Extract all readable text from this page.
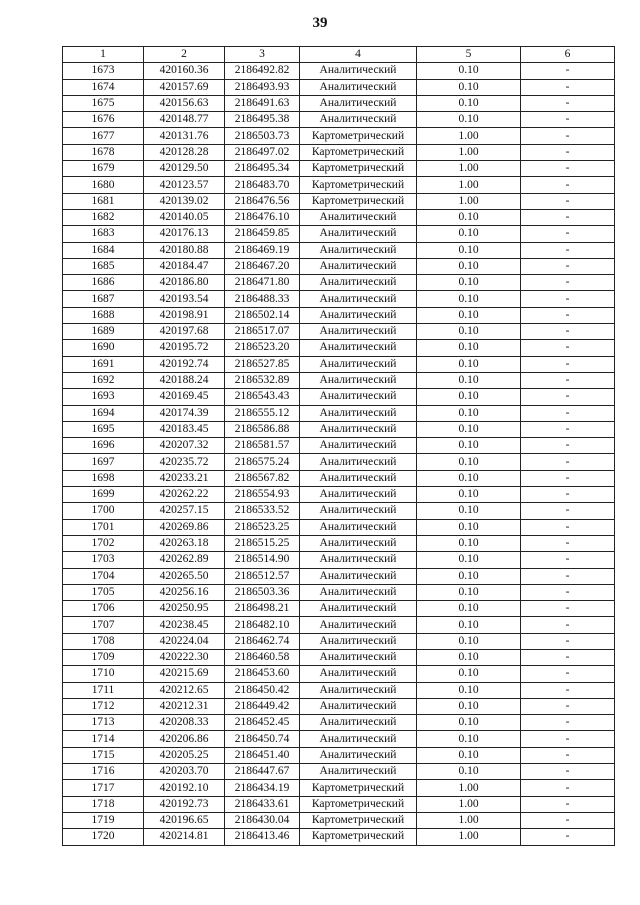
39
1	2	3	4	5	6
1673	420160.36	2186492.82	Аналитический	0.10	-
1674	420157.69	2186493.93	Аналитический	0.10	-
1675	420156.63	2186491.63	Аналитический	0.10	-
1676	420148.77	2186495.38	Аналитический	0.10	-
1677	420131.76	2186503.73	Картометрический	1.00	-
1678	420128.28	2186497.02	Картометрический	1.00	-
1679	420129.50	2186495.34	Картометрический	1.00	-
1680	420123.57	2186483.70	Картометрический	1.00	-
1681	420139.02	2186476.56	Картометрический	1.00	-
1682	420140.05	2186476.10	Аналитический	0.10	-
1683	420176.13	2186459.85	Аналитический	0.10	-
1684	420180.88	2186469.19	Аналитический	0.10	-
1685	420184.47	2186467.20	Аналитический	0.10	-
1686	420186.80	2186471.80	Аналитический	0.10	-
1687	420193.54	2186488.33	Аналитический	0.10	-
1688	420198.91	2186502.14	Аналитический	0.10	-
1689	420197.68	2186517.07	Аналитический	0.10	-
1690	420195.72	2186523.20	Аналитический	0.10	-
1691	420192.74	2186527.85	Аналитический	0.10	-
1692	420188.24	2186532.89	Аналитический	0.10	-
1693	420169.45	2186543.43	Аналитический	0.10	-
1694	420174.39	2186555.12	Аналитический	0.10	-
1695	420183.45	2186586.88	Аналитический	0.10	-
1696	420207.32	2186581.57	Аналитический	0.10	-
1697	420235.72	2186575.24	Аналитический	0.10	-
1698	420233.21	2186567.82	Аналитический	0.10	-
1699	420262.22	2186554.93	Аналитический	0.10	-
1700	420257.15	2186533.52	Аналитический	0.10	-
1701	420269.86	2186523.25	Аналитический	0.10	-
1702	420263.18	2186515.25	Аналитический	0.10	-
1703	420262.89	2186514.90	Аналитический	0.10	-
1704	420265.50	2186512.57	Аналитический	0.10	-
1705	420256.16	2186503.36	Аналитический	0.10	-
1706	420250.95	2186498.21	Аналитический	0.10	-
1707	420238.45	2186482.10	Аналитический	0.10	-
1708	420224.04	2186462.74	Аналитический	0.10	-
1709	420222.30	2186460.58	Аналитический	0.10	-
1710	420215.69	2186453.60	Аналитический	0.10	-
1711	420212.65	2186450.42	Аналитический	0.10	-
1712	420212.31	2186449.42	Аналитический	0.10	-
1713	420208.33	2186452.45	Аналитический	0.10	-
1714	420206.86	2186450.74	Аналитический	0.10	-
1715	420205.25	2186451.40	Аналитический	0.10	-
1716	420203.70	2186447.67	Аналитический	0.10	-
1717	420192.10	2186434.19	Картометрический	1.00	-
1718	420192.73	2186433.61	Картометрический	1.00	-
1719	420196.65	2186430.04	Картометрический	1.00	-
1720	420214.81	2186413.46	Картометрический	1.00	-
